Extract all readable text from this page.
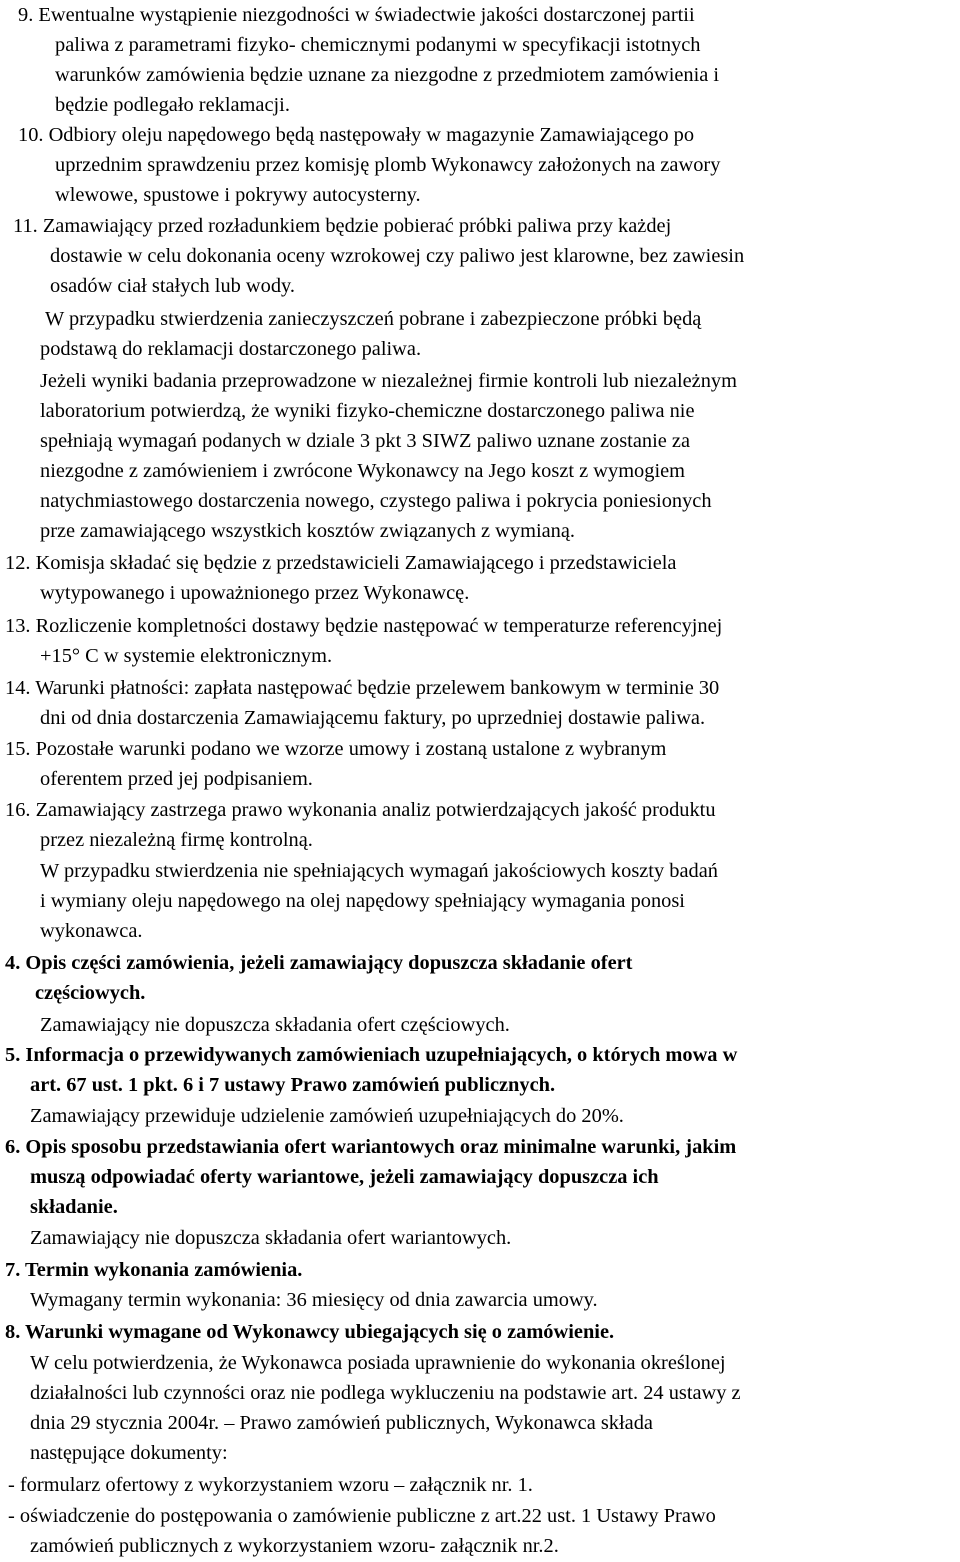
9. Ewentualne wystąpienie niezgodności w świadectwie jakości dostarczonej partii

paliwa z parametrami fizyko- chemicznymi podanymi w specyfikacji istotnych

warunków zamówienia będzie uznane za niezgodne z przedmiotem zamówienia i

będzie podlegało reklamacji.

10. Odbiory oleju napędowego będą następowały w magazynie Zamawiającego po

uprzednim sprawdzeniu przez komisję plomb Wykonawcy założonych na zawory

wlewowe, spustowe i pokrywy autocysterny.

11. Zamawiający przed rozładunkiem będzie pobierać próbki paliwa przy każdej

dostawie w celu dokonania oceny wzrokowej czy paliwo jest klarowne, bez zawiesin

osadów ciał stałych lub wody.

W przypadku stwierdzenia zanieczyszczeń pobrane i zabezpieczone próbki będą

podstawą do reklamacji dostarczonego paliwa.

Jeżeli wyniki badania przeprowadzone w niezależnej firmie kontroli lub niezależnym

laboratorium potwierdzą, że wyniki fizyko-chemiczne dostarczonego paliwa nie

spełniają wymagań podanych w dziale 3 pkt 3 SIWZ paliwo uznane zostanie za

niezgodne z zamówieniem i zwrócone Wykonawcy na Jego koszt z wymogiem

natychmiastowego dostarczenia nowego, czystego paliwa i pokrycia poniesionych

prze zamawiającego wszystkich kosztów związanych z wymianą.

12. Komisja składać się będzie z przedstawicieli Zamawiającego i przedstawiciela

wytypowanego i upoważnionego przez Wykonawcę.

13. Rozliczenie kompletności dostawy będzie następować w temperaturze referencyjnej

+15° C w systemie elektronicznym.

14. Warunki płatności: zapłata następować będzie przelewem bankowym w terminie 30

dni od dnia dostarczenia Zamawiającemu faktury, po uprzedniej dostawie paliwa.

15. Pozostałe warunki podano we wzorze umowy i zostaną ustalone z wybranym

oferentem przed jej podpisaniem.

16. Zamawiający zastrzega prawo wykonania analiz potwierdzających jakość produktu

przez niezależną firmę kontrolną.

W przypadku stwierdzenia nie spełniających wymagań jakościowych koszty badań

i wymiany oleju napędowego na olej napędowy spełniający wymagania ponosi

wykonawca.

4. Opis części zamówienia, jeżeli zamawiający dopuszcza składanie ofert

częściowych.

Zamawiający nie dopuszcza składania ofert częściowych.

5. Informacja o przewidywanych zamówieniach uzupełniających, o których mowa w

art. 67 ust. 1 pkt. 6 i 7 ustawy Prawo zamówień publicznych.

Zamawiający przewiduje udzielenie zamówień uzupełniających do 20%.

6. Opis sposobu przedstawiania ofert wariantowych oraz minimalne warunki, jakim

muszą odpowiadać oferty wariantowe, jeżeli zamawiający dopuszcza ich

składanie.

Zamawiający nie dopuszcza składania ofert wariantowych.

7. Termin wykonania zamówienia.

Wymagany termin wykonania: 36 miesięcy od dnia zawarcia umowy.

8. Warunki wymagane od Wykonawcy ubiegających się o zamówienie.

W celu potwierdzenia, że Wykonawca posiada uprawnienie do wykonania określonej

działalności lub czynności oraz nie podlega wykluczeniu na podstawie art. 24 ustawy z

dnia 29 stycznia 2004r. – Prawo zamówień publicznych, Wykonawca składa

następujące dokumenty:

- formularz ofertowy z wykorzystaniem wzoru – załącznik nr. 1.

- oświadczenie do postępowania o zamówienie publiczne z art.22 ust. 1 Ustawy Prawo

zamówień publicznych z wykorzystaniem wzoru- załącznik nr.2.
